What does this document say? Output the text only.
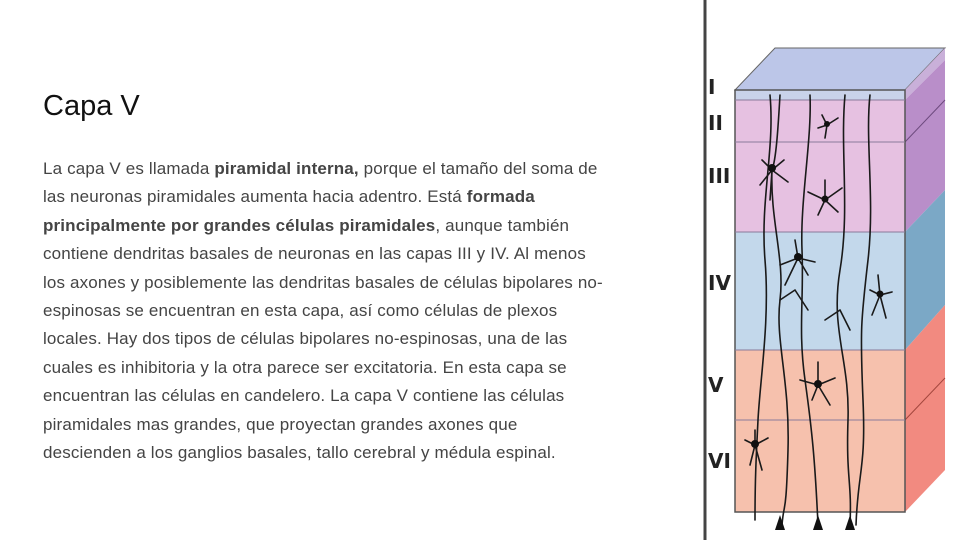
Capa V
La capa V es llamada piramidal interna, porque el tamaño del soma de las neuronas piramidales aumenta hacia adentro. Está formada principalmente por grandes células piramidales, aunque también contiene dendritas basales de neuronas en las capas III y IV. Al menos los axones y posiblemente las dendritas basales de células bipolares no-espinosas se encuentran en esta capa, así como células de plexos locales. Hay dos tipos de células bipolares no-espinosas, una de las cuales es inhibitoria y la otra parece ser excitatoria. En esta capa se encuentran las células en candelero. La capa V contiene las células piramidales mas grandes, que proyectan grandes axones que descienden a los ganglios basales, tallo cerebral y médula espinal.
I
II
III
IV
V
VI
